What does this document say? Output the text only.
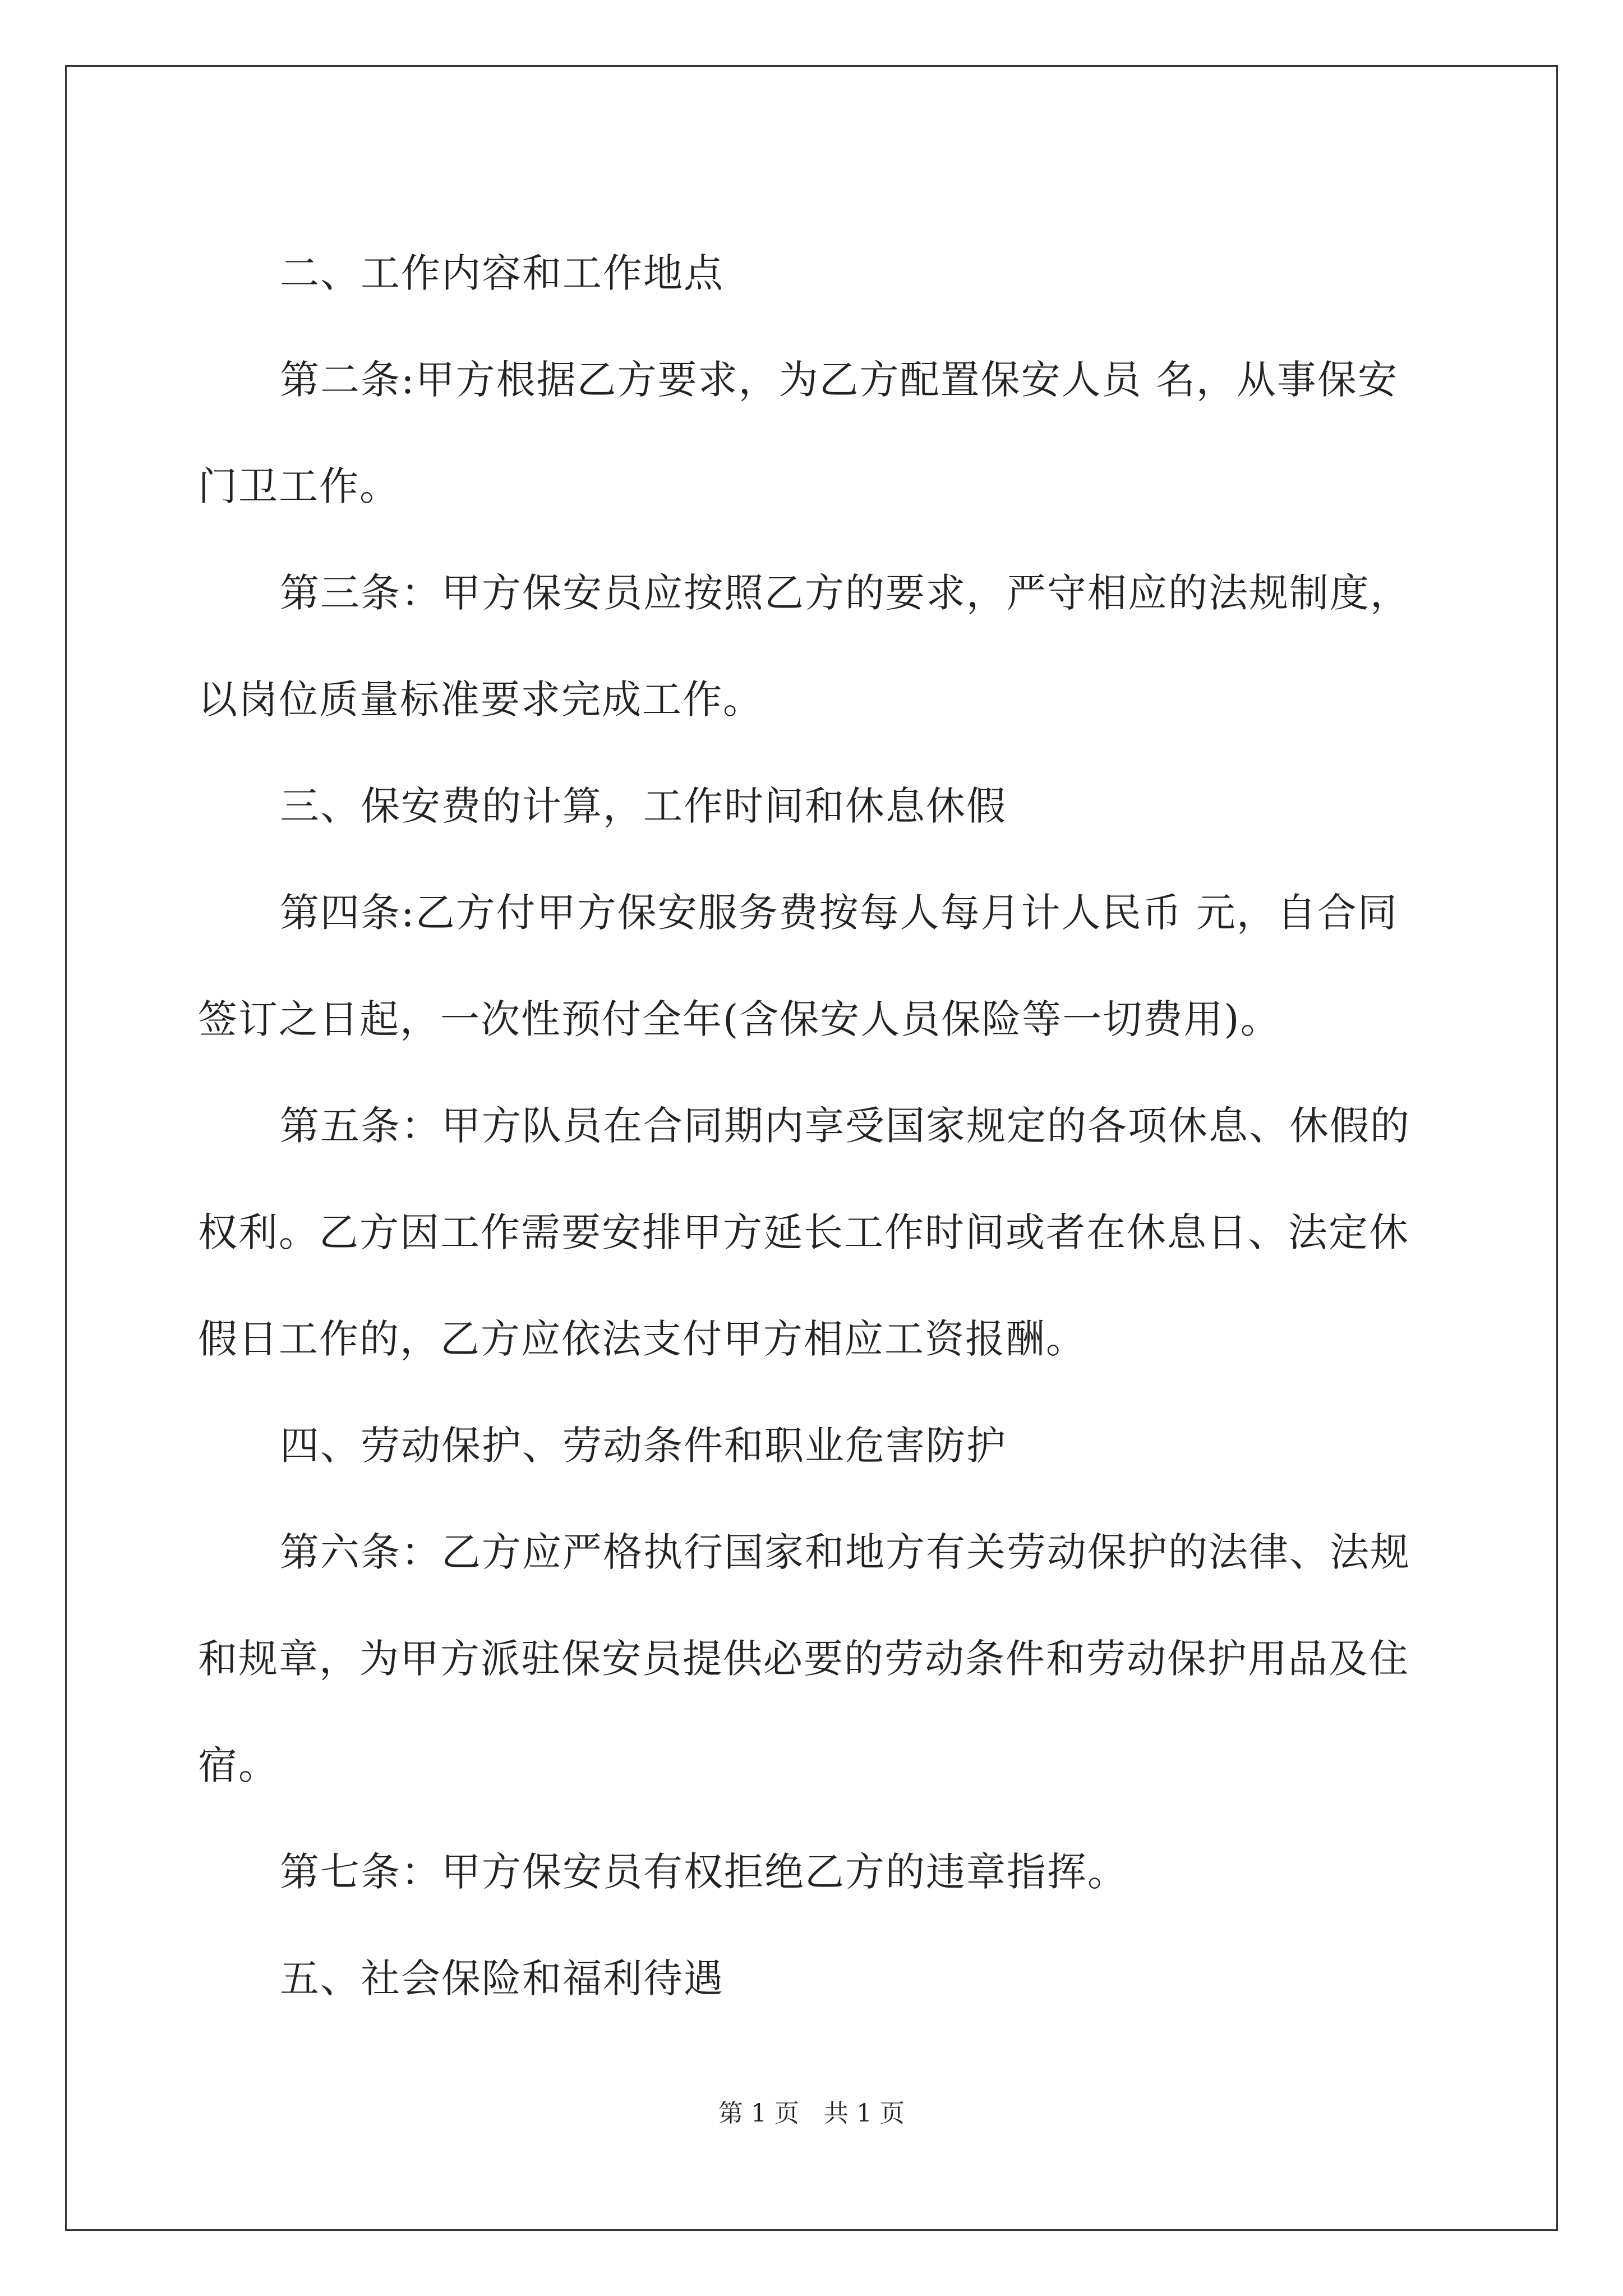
二、工作内容和工作地点

第二条:甲方根据乙方要求，为乙方配置保安人员 名，从事保安门卫工作。

第三条：甲方保安员应按照乙方的要求，严守相应的法规制度，以岗位质量标准要求完成工作。

三、保安费的计算，工作时间和休息休假

第四条:乙方付甲方保安服务费按每人每月计人民币 元，自合同签订之日起，一次性预付全年(含保安人员保险等一切费用)。

第五条：甲方队员在合同期内享受国家规定的各项休息、休假的权利。乙方因工作需要安排甲方延长工作时间或者在休息日、法定休假日工作的，乙方应依法支付甲方相应工资报酬。

四、劳动保护、劳动条件和职业危害防护

第六条：乙方应严格执行国家和地方有关劳动保护的法律、法规和规章，为甲方派驻保安员提供必要的劳动条件和劳动保护用品及住宿。

第七条：甲方保安员有权拒绝乙方的违章指挥。

五、社会保险和福利待遇

第 1 页　共 1 页
